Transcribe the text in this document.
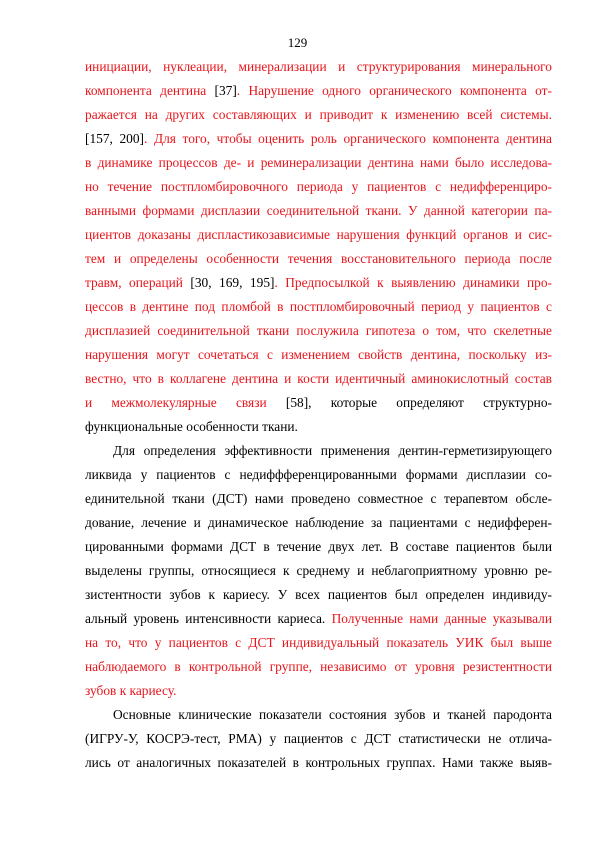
129
инициации, нуклеации, минерализации и структурирования минерального
компонента дентина [37]. Нарушение одного органического компонента от-
ражается на других составляющих и приводит к изменению всей системы.
[157, 200]. Для того, чтобы оценить роль органического компонента дентина
в динамике процессов де- и реминерализации дентина нами было исследова-
но течение постпломбировочного периода у пациентов с недифференциро-
ванными формами дисплазии соединительной ткани. У данной категории па-
циентов доказаны диспластикозависимые нарушения функций органов и сис-
тем и определены особенности течения восстановительного периода после
травм, операций [30, 169, 195]. Предпосылкой к выявлению динамики про-
цессов в дентине под пломбой в постпломбировочный период у пациентов с
дисплазией соединительной ткани послужила гипотеза о том, что скелетные
нарушения могут сочетаться с изменением свойств дентина, поскольку из-
вестно, что в коллагене дентина и кости идентичный аминокислотный состав
и межмолекулярные связи [58], которые определяют структурно-
функциональные особенности ткани.
Для определения эффективности применения дентин-герметизирующего
ликвида у пациентов с недиффференцированными формами дисплазии со-
единительной ткани (ДСТ) нами проведено совместное с терапевтом обсле-
дование, лечение и динамическое наблюдение за пациентами с недифферен-
цированными формами ДСТ в течение двух лет. В составе пациентов были
выделены группы, относящиеся к среднему и неблагоприятному уровню ре-
зистентности зубов к кариесу. У всех пациентов был определен индивиду-
альный уровень интенсивности кариеса. Полученные нами данные указывали
на то, что у пациентов с ДСТ индивидуальный показатель УИК был выше
наблюдаемого в контрольной группе, независимо от уровня резистентности
зубов к кариесу.
Основные клинические показатели состояния зубов и тканей пародонта
(ИГРУ-У, КОСРЭ-тест, РМА) у пациентов с ДСТ статистически не отлича-
лись от аналогичных показателей в контрольных группах. Нами также выяв-
